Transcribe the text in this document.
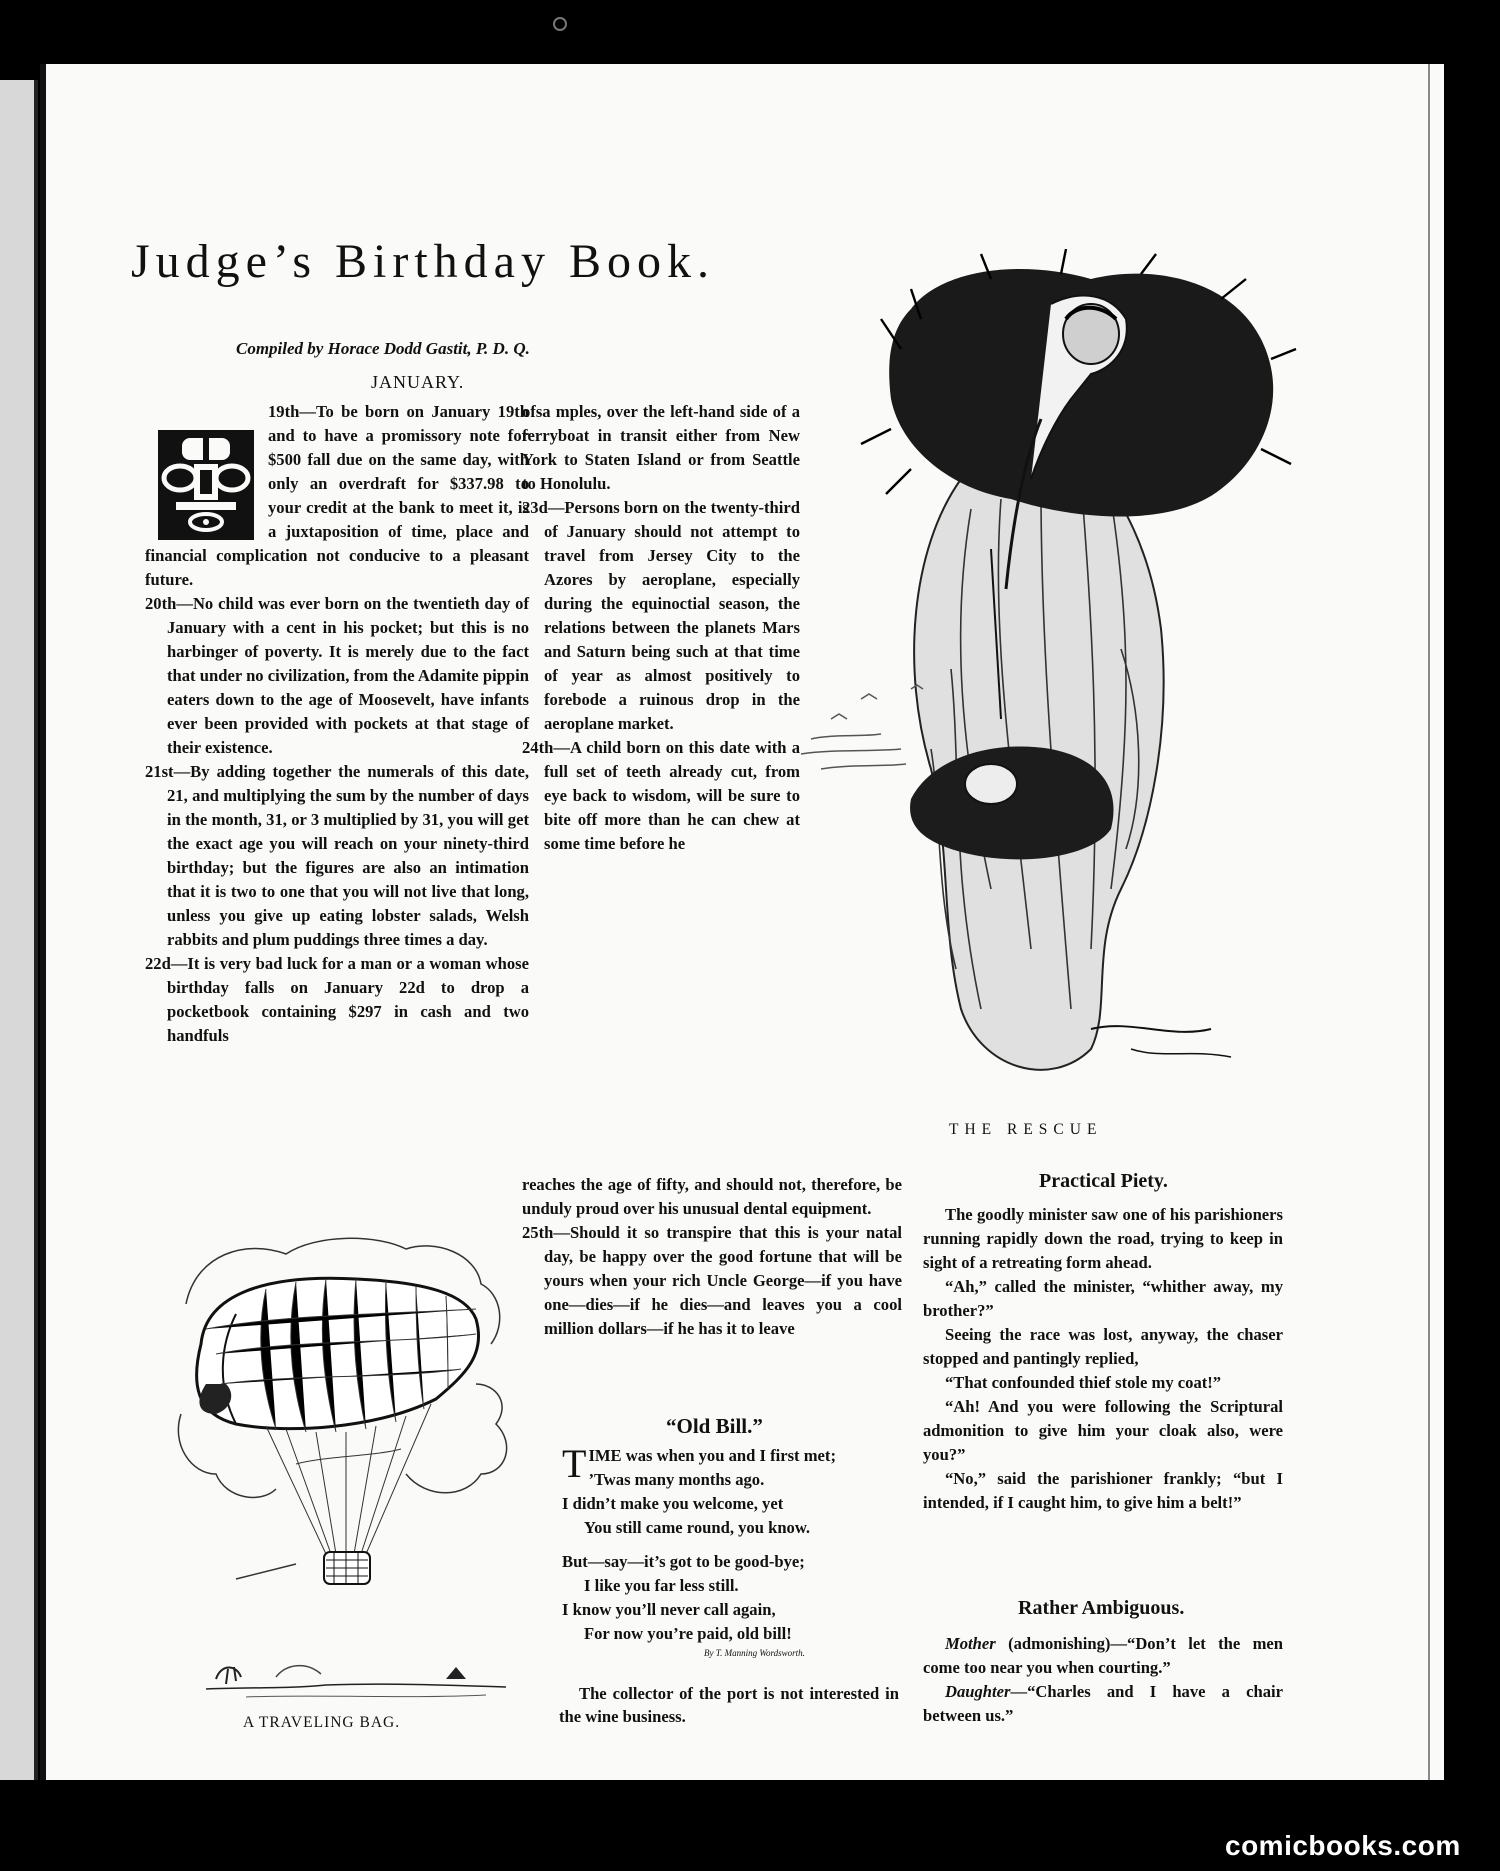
Judge’s Birthday Book.
Compiled by Horace Dodd Gastit, P. D. Q.
JANUARY.

19th—To be born on January 19th and to have a promissory note for $500 fall due on the same day, with only an overdraft for $337.98 to your credit at the bank to meet it, is a juxtaposition of time, place and financial complication not conducive to a pleasant future.

20th—No child was ever born on the twentieth day of January with a cent in his pocket; but this is no harbinger of poverty. It is merely due to the fact that under no civilization, from the Adamite pippin eaters down to the age of Moosevelt, have infants ever been provided with pockets at that stage of their existence.

21st—By adding together the numerals of this date, 21, and multiplying the sum by the number of days in the month, 31, or 3 multiplied by 31, you will get the exact age you will reach on your ninety-third birthday; but the figures are also an intimation that it is two to one that you will not live that long, unless you give up eating lobster salads, Welsh rabbits and plum puddings three times a day.

22d—It is very bad luck for a man or a woman whose birthday falls on January 22d to drop a pocketbook containing $297 in cash and two handfuls

ofsa mples, over the left-hand side of a ferryboat in transit either from New York to Staten Island or from Seattle to Honolulu.

23d—Persons born on the twenty-third of January should not attempt to travel from Jersey City to the Azores by aeroplane, especially during the equinoctial season, the relations between the planets Mars and Saturn being such at that time of year as almost positively to forebode a ruinous drop in the aeroplane market.

24th—A child born on this date with a full set of teeth already cut, from eye back to wisdom, will be sure to bite off more than he can chew at some time before he

reaches the age of fifty, and should not, therefore, be unduly proud over his unusual dental equipment.

25th—Should it so transpire that this is your natal day, be happy over the good fortune that will be yours when your rich Uncle George—if you have one—dies—if he dies—and leaves you a cool million dollars—if he has it to leave

A TRAVELING BAG.
“Old Bill.”
TIME was when you and I first met;
’Twas many months ago.
I didn’t make you welcome, yet
You still came round, you know.
But—say—it’s got to be good-bye;
I like you far less still.
I know you’ll never call again,
For now you’re paid, old bill!
By T. Manning Wordsworth.
The collector of the port is not interested in the wine business.
THE RESCUE
Practical Piety.

The goodly minister saw one of his parishioners running rapidly down the road, trying to keep in sight of a retreating form ahead.

“Ah,” called the minister, “whither away, my brother?”

Seeing the race was lost, anyway, the chaser stopped and pantingly replied,

“That confounded thief stole my coat!”

“Ah! And you were following the Scriptural admonition to give him your cloak also, were you?”

“No,” said the parishioner frankly; “but I intended, if I caught him, to give him a belt!”

Rather Ambiguous.

Mother (admonishing)—“Don’t let the men come too near you when courting.”

Daughter—“Charles and I have a chair between us.”

comicbooks.com
